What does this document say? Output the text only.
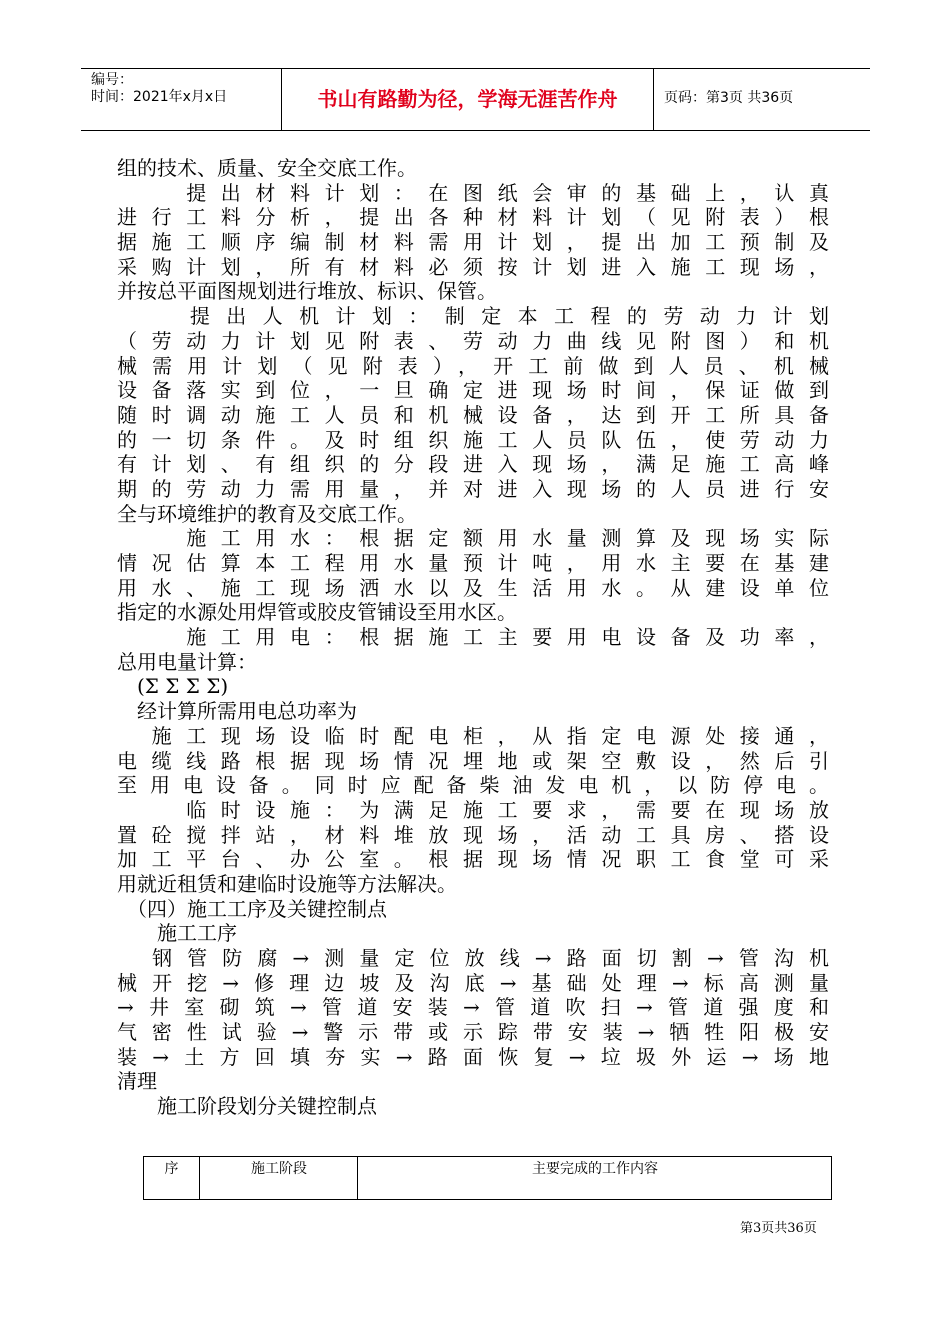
编号：
时间：2021年x月x日	书山有路勤为径，学海无涯苦作舟	页码：第3页 共36页
组的技术、质量、安全交底工作。
　　提出材料计划：在图纸会审的基础上，认真
进行工料分析，提出各种材料计划（见附表）根
据施工顺序编制材料需用计划，提出加工预制及
采购计划，所有材料必须按计划进入施工现场，
并按总平面图规划进行堆放、标识、保管。
　　提出人机计划：制定本工程的劳动力计划
（劳动力计划见附表、劳动力曲线见附图）和机
械需用计划（见附表），开工前做到人员、机械
设备落实到位，一旦确定进现场时间，保证做到
随时调动施工人员和机械设备，达到开工所具备
的一切条件。及时组织施工人员队伍，使劳动力
有计划、有组织的分段进入现场，满足施工高峰
期的劳动力需用量，并对进入现场的人员进行安
全与环境维护的教育及交底工作。
　　施工用水：根据定额用水量测算及现场实际
情况估算本工程用水量预计吨，用水主要在基建
用水、施工现场洒水以及生活用水。从建设单位
指定的水源处用焊管或胶皮管铺设至用水区。
　　施工用电：根据施工主要用电设备及功率，
总用电量计算：
　(Σ Σ Σ Σ)
　经计算所需用电总功率为
　施工现场设临时配电柜，从指定电源处接通，
电缆线路根据现场情况埋地或架空敷设，然后引
至用电设备。同时应配备柴油发电机，以防停电。
　　临时设施：为满足施工要求，需要在现场放
置砼搅拌站，材料堆放现场，活动工具房、搭设
加工平台、办公室。根据现场情况职工食堂可采
用就近租赁和建临时设施等方法解决。
　（四）施工工序及关键控制点
　　施工工序
　钢管防腐→测量定位放线→路面切割→管沟机
械开挖→修理边坡及沟底→基础处理→标高测量
→井室砌筑→管道安装→管道吹扫→管道强度和
气密性试验→警示带或示踪带安装→牺牲阳极安
装→土方回填夯实→路面恢复→垃圾外运→场地
清理
　　施工阶段划分关键控制点
序	施工阶段	主要完成的工作内容
第3页共36页
